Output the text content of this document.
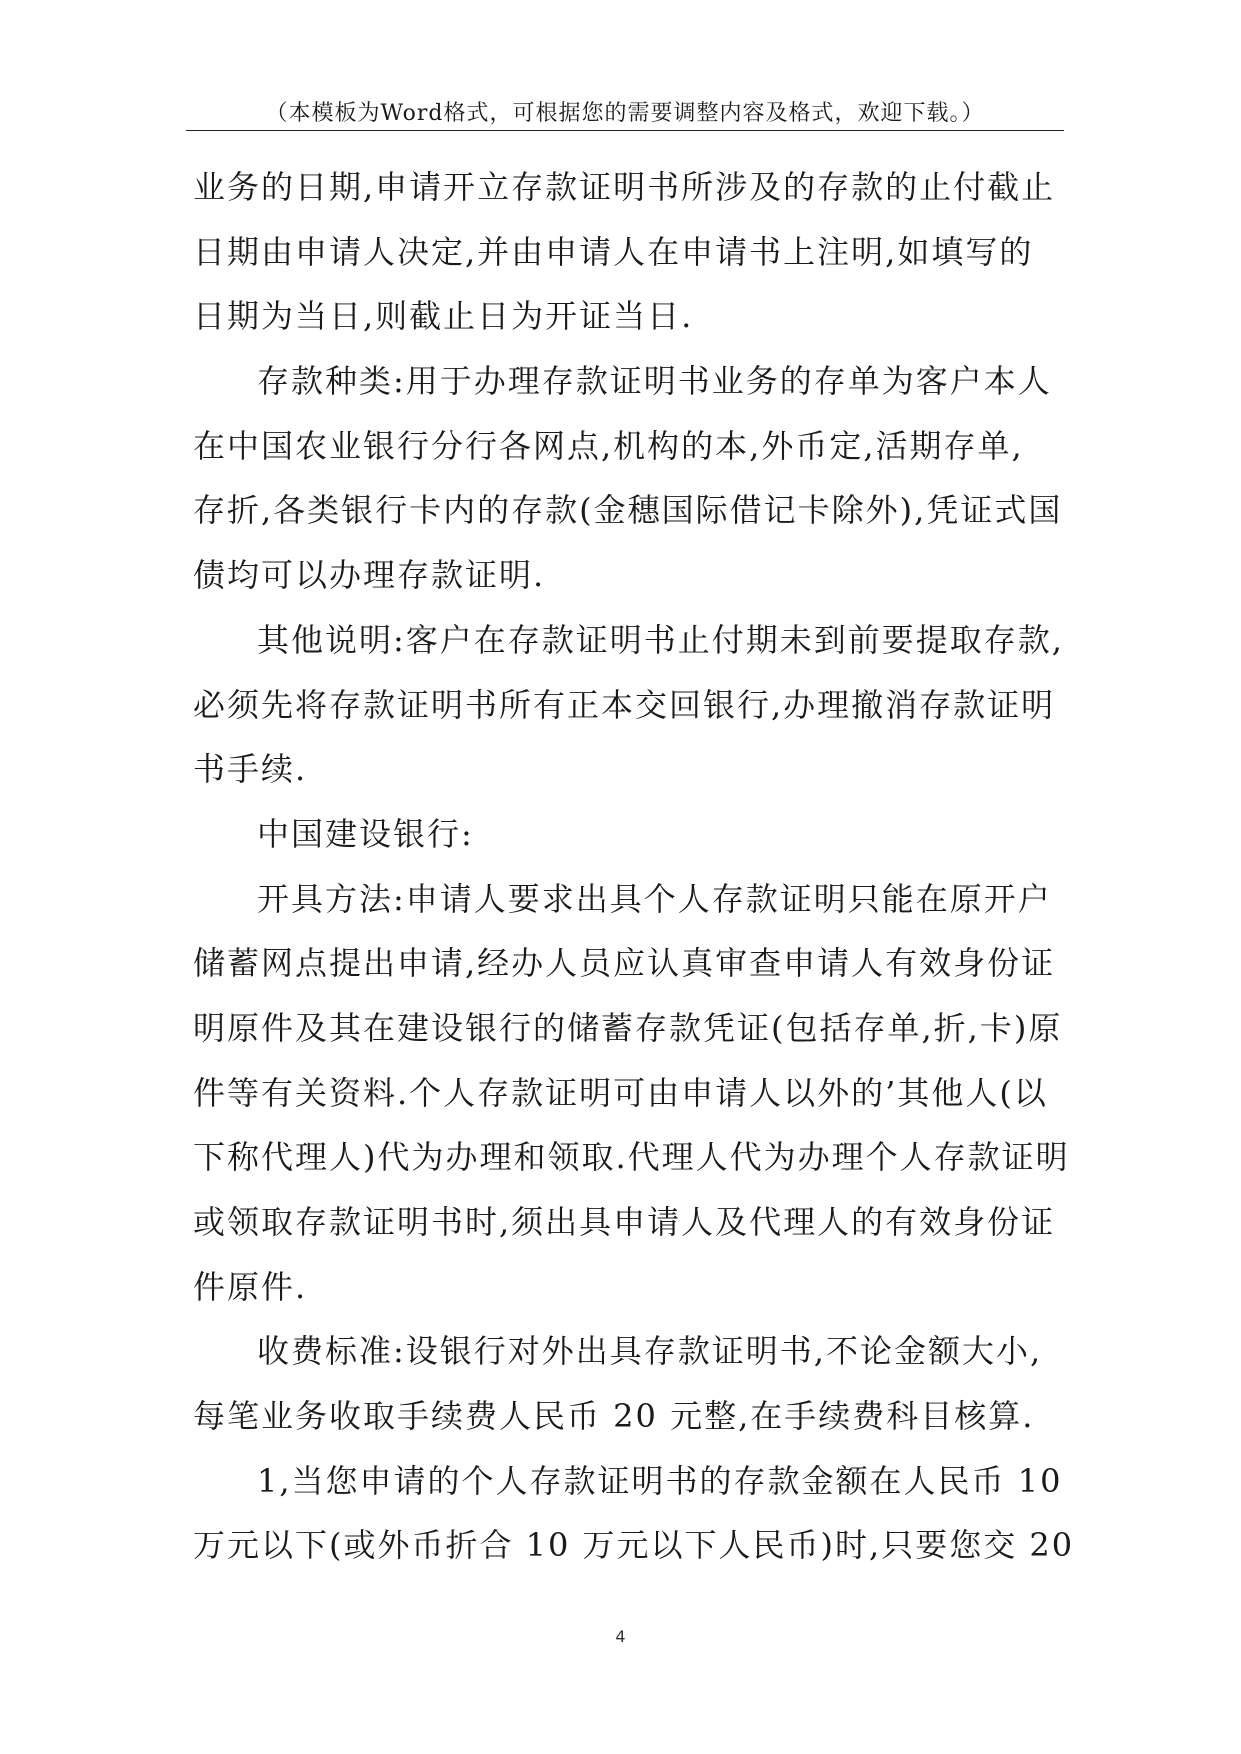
（本模板为Word格式，可根据您的需要调整内容及格式，欢迎下载。）
业务的日期,申请开立存款证明书所涉及的存款的止付截止
日期由申请人决定,并由申请人在申请书上注明,如填写的
日期为当日,则截止日为开证当日.
存款种类:用于办理存款证明书业务的存单为客户本人
在中国农业银行分行各网点,机构的本,外币定,活期存单,
存折,各类银行卡内的存款(金穗国际借记卡除外),凭证式国
债均可以办理存款证明.
其他说明:客户在存款证明书止付期未到前要提取存款,
必须先将存款证明书所有正本交回银行,办理撤消存款证明
书手续.
中国建设银行:
开具方法:申请人要求出具个人存款证明只能在原开户
储蓄网点提出申请,经办人员应认真审查申请人有效身份证
明原件及其在建设银行的储蓄存款凭证(包括存单,折,卡)原
件等有关资料.个人存款证明可由申请人以外的’其他人(以
下称代理人)代为办理和领取.代理人代为办理个人存款证明
或领取存款证明书时,须出具申请人及代理人的有效身份证
件原件.
收费标准:设银行对外出具存款证明书,不论金额大小,
每笔业务收取手续费人民币 20 元整,在手续费科目核算.
1,当您申请的个人存款证明书的存款金额在人民币 10
万元以下(或外币折合 10 万元以下人民币)时,只要您交 20
4
